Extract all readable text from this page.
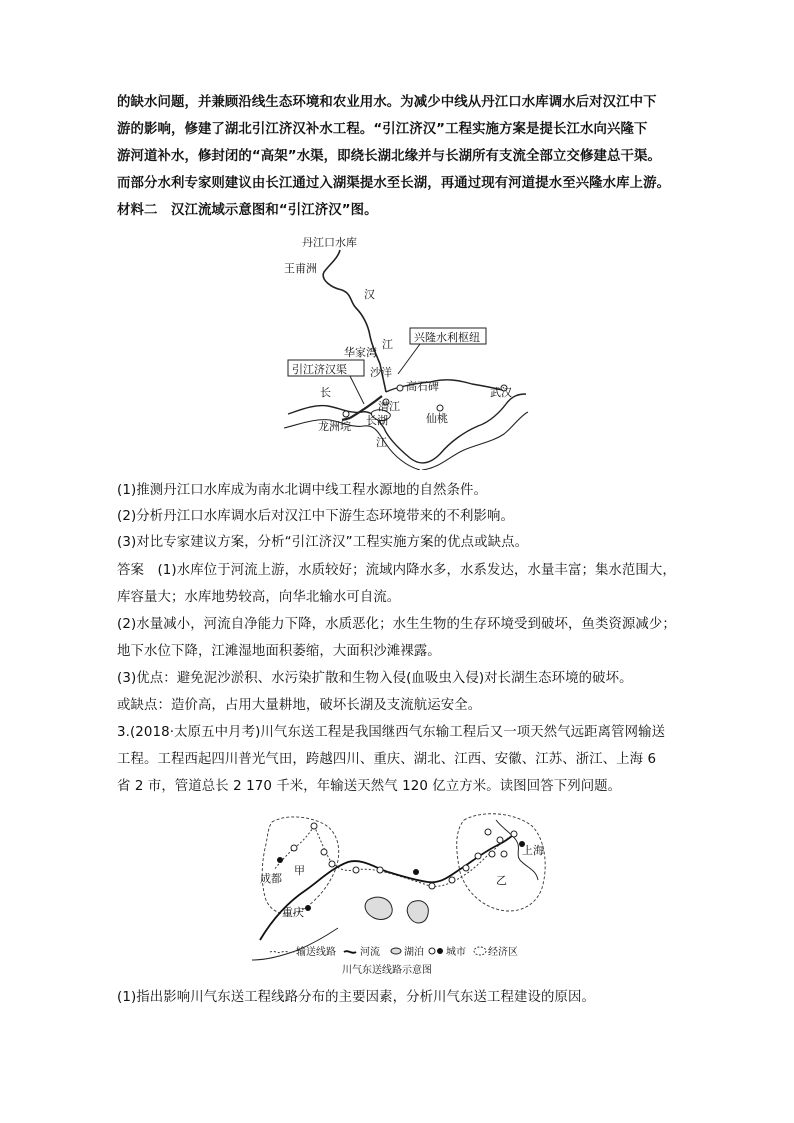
的缺水问题，并兼顾沿线生态环境和农业用水。为减少中线从丹江口水库调水后对汉江中下
游的影响，修建了湖北引江济汉补水工程。“引江济汉”工程实施方案是提长江水向兴隆下
游河道补水，修封闭的“高架”水渠，即绕长湖北缘并与长湖所有支流全部立交修建总干渠。
而部分水利专家则建议由长江通过入湖渠提水至长湖，再通过现有河道提水至兴隆水库上游。
材料二　汉江流域示意图和“引江济汉”图。
丹江口水库
王甫洲
汉
江
兴隆水利枢纽
华家湾
沙洋
引江济汉渠
高石碑	武汉
长
潜江
长湖	仙桃
龙洲垸
江
(1)推测丹江口水库成为南水北调中线工程水源地的自然条件。
(2)分析丹江口水库调水后对汉江中下游生态环境带来的不利影响。
(3)对比专家建议方案，分析“引江济汉”工程实施方案的优点或缺点。
答案　(1)水库位于河流上游，水质较好；流域内降水多，水系发达，水量丰富；集水范围大，
库容量大；水库地势较高，向华北输水可自流。
(2)水量减小，河流自净能力下降，水质恶化；水生生物的生存环境受到破坏，鱼类资源减少；
地下水位下降，江滩湿地面积萎缩，大面积沙滩裸露。
(3)优点：避免泥沙淤积、水污染扩散和生物入侵(血吸虫入侵)对长湖生态环境的破坏。
或缺点：造价高，占用大量耕地，破坏长湖及支流航运安全。
3.(2018·太原五中月考)川气东送工程是我国继西气东输工程后又一项天然气远距离管网输送
工程。工程西起四川普光气田，跨越四川、重庆、湖北、江西、安徽、江苏、浙江、上海 6
省 2 市，管道总长 2 170 千米，年输送天然气 120 亿立方米。读图回答下列问题。
成都
甲
重庆
上海
乙
输送线路 河流 湖泊 城市 经济区
川气东送线路示意图
(1)指出影响川气东送工程线路分布的主要因素，分析川气东送工程建设的原因。
